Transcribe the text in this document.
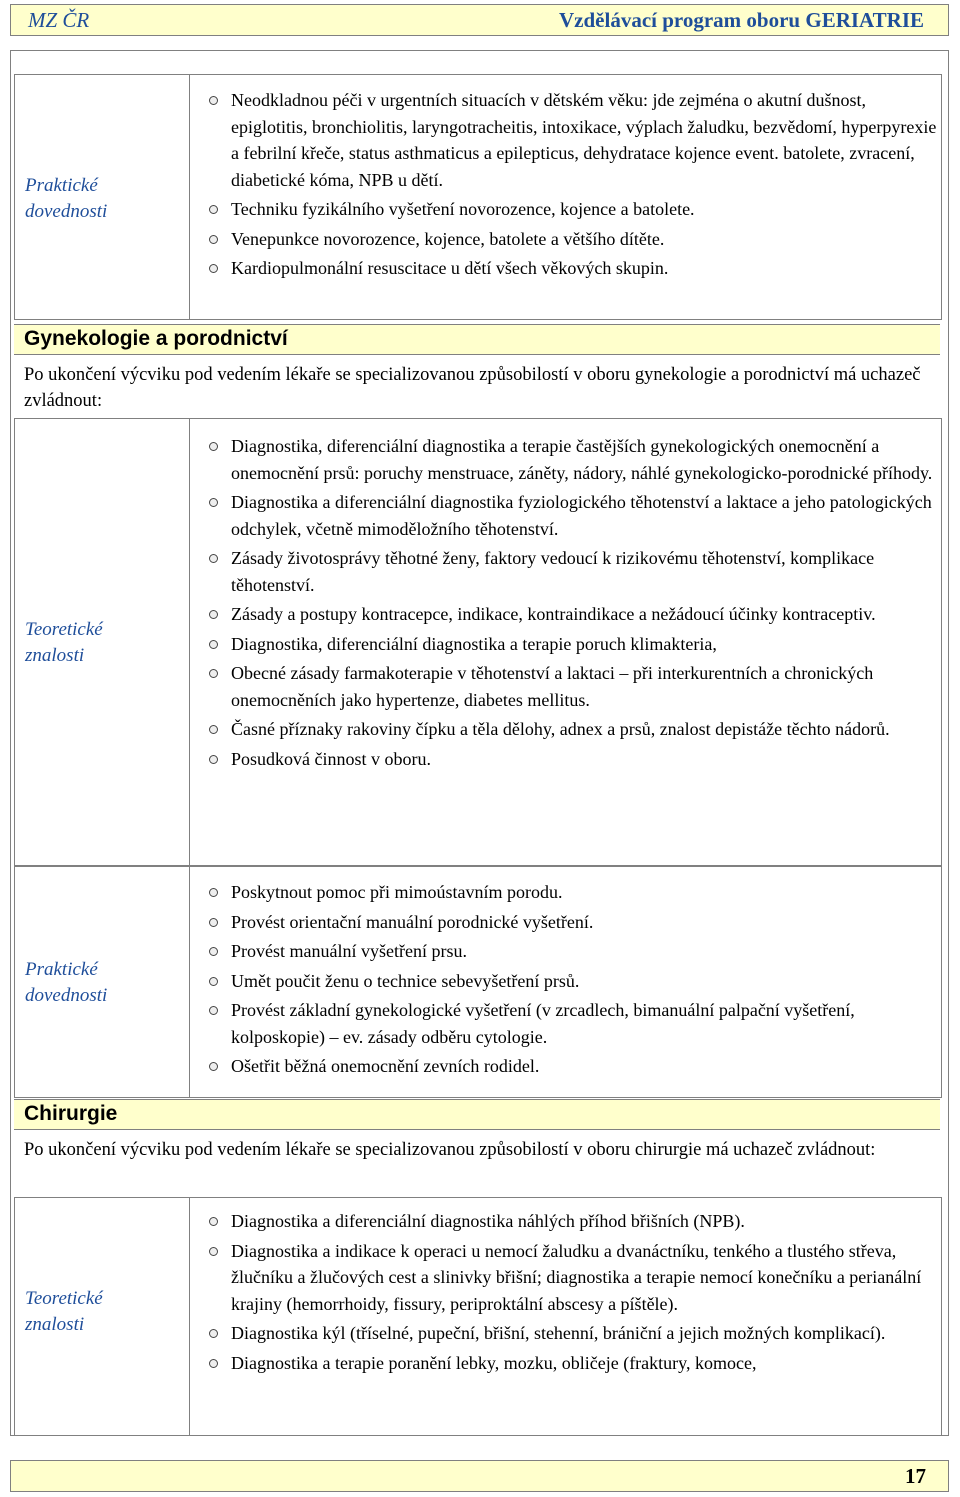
MZ ČR	Vzdělávací program oboru GERIATRIE
Praktické
dovednosti
Neodkladnou péči v urgentních situacích v dětském věku: jde zejména o akutní dušnost, epiglotitis, bronchiolitis, laryngotracheitis, intoxikace, výplach žaludku, bezvědomí, hyperpyrexie a febrilní křeče, status asthmaticus a epilepticus, dehydratace kojence event. batolete, zvracení, diabetické kóma, NPB u dětí.
Techniku fyzikálního vyšetření novorozence, kojence a batolete.
Venepunkce novorozence, kojence, batolete a většího dítěte.
Kardiopulmonální resuscitace u dětí všech věkových skupin.
Gynekologie a porodnictví
Po ukončení výcviku pod vedením lékaře se specializovanou způsobilostí v oboru gynekologie a porodnictví má uchazeč zvládnout:
Teoretické
znalosti
Diagnostika, diferenciální diagnostika a terapie častějších gynekologických onemocnění a onemocnění prsů: poruchy menstruace, záněty, nádory, náhlé gynekologicko-porodnické příhody.
Diagnostika a diferenciální diagnostika fyziologického těhotenství a laktace a jeho patologických odchylek, včetně mimoděložního těhotenství.
Zásady životosprávy těhotné ženy, faktory vedoucí k rizikovému těhotenství, komplikace těhotenství.
Zásady a postupy kontracepce, indikace, kontraindikace a nežádoucí účinky kontraceptiv.
Diagnostika, diferenciální diagnostika a terapie poruch klimakteria,
Obecné zásady farmakoterapie v těhotenství a laktaci – při interkurentních a chronických onemocněních jako hypertenze, diabetes mellitus.
Časné příznaky rakoviny čípku a těla dělohy, adnex a prsů, znalost depistáže těchto nádorů.
Posudková činnost v oboru.
Praktické
dovednosti
Poskytnout pomoc při mimoústavním porodu.
Provést orientační manuální porodnické vyšetření.
Provést manuální vyšetření prsu.
Umět poučit ženu o technice sebevyšetření prsů.
Provést základní gynekologické vyšetření (v zrcadlech, bimanuální palpační vyšetření, kolposkopie) – ev. zásady odběru cytologie.
Ošetřit běžná onemocnění zevních rodidel.
Chirurgie
Po ukončení výcviku pod vedením lékaře se specializovanou způsobilostí v oboru chirurgie má uchazeč zvládnout:
Teoretické
znalosti
Diagnostika a diferenciální diagnostika náhlých příhod břišních (NPB).
Diagnostika a indikace k operaci u nemocí žaludku a dvanáctníku, tenkého a tlustého střeva, žlučníku a žlučových cest a slinivky břišní; diagnostika a terapie nemocí konečníku a perianální krajiny (hemorrhoidy, fissury, periproktální abscesy a píštěle).
Diagnostika kýl (tříselné, pupeční, břišní, stehenní, brániční a jejich možných komplikací).
Diagnostika a terapie poranění lebky, mozku, obličeje (fraktury, komoce,
17
